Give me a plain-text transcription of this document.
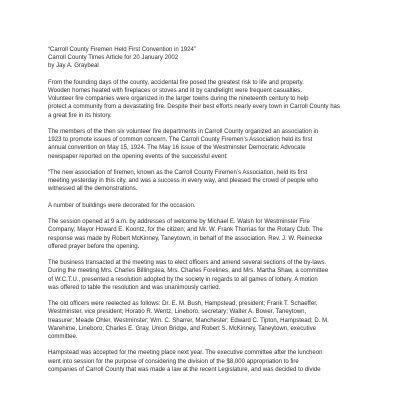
“Carroll County Firemen Held First Convention in 1924”
Carroll County Times Article for 20 January 2002
by Jay A. Graybeal
From the founding days of the county, accidental fire posed the greatest risk to life and property.
Wooden homes heated with fireplaces or stoves and lit by candlelight were frequent casualties.
Volunteer fire companies were organized in the larger towns during the nineteenth century to help
protect a community from a devastating fire. Despite their best efforts nearly every town in Carroll County has
a great fire in its history.
The members of the then six volunteer fire departments in Carroll County organized an association in
1923 to promote issues of common concern. The Carroll County Firemen’s Association held its first
annual convention on May 15, 1924. The May 16 issue of the Westminster Democratic Advocate
newspaper reported on the opening events of the successful event:
“The new association of firemen, known as the Carroll County Firemen’s Association, held its first
meeting yesterday in this city, and was a success in every way, and pleased the crowd of people who
witnessed all the demonstrations.
A number of buildings were decorated for the occasion.
The session opened at 9 a.m. by addresses of welcome by Michael E. Walsh for Westminster Fire
Company; Mayor Howard E. Koontz, for the citizen; and Mr. W. Frank Thomas for the Rotary Club. The
response was made by Robert McKinney, Taneytown, in behalf of the association. Rev. J. W. Reinecke
offered prayer before the opening.
The business transacted at the meeting was to elect officers and amend several sections of the by-laws.
During the meeting Mrs. Charles Billingslea, Mrs. Charles Forelines, and Mrs. Martha Shaw, a committee
of W.C.T.U., presented a resolution adopted by the society in regards to all games of lottery. A motion
was offered to table the resolution and was unanimously carried.
The old officers were reelected as follows: Dr. E. M. Bush, Hampstead, president; Frank T. Schaeffer,
Westminster, vice president; Horatio R. Wentz, Lineboro, secretary; Walter A. Bower, Taneytown,
treasurer; Meade Ohler, Westminster; Wm. C. Sharrer, Manchester; Edward C. Tipton, Hampstead; D. M.
Warehime, Lineboro; Charles E. Gray, Union Bridge, and Robert S. McKinney, Taneytown, executive
committee.
Hampstead was accepted for the meeting place next year. The executive committee after the luncheon
went into session for the purpose of considering the division of the $8,000 appropriation to fire
companies of Carroll County that was made a law at the recent Legislature, and was decided to divide
